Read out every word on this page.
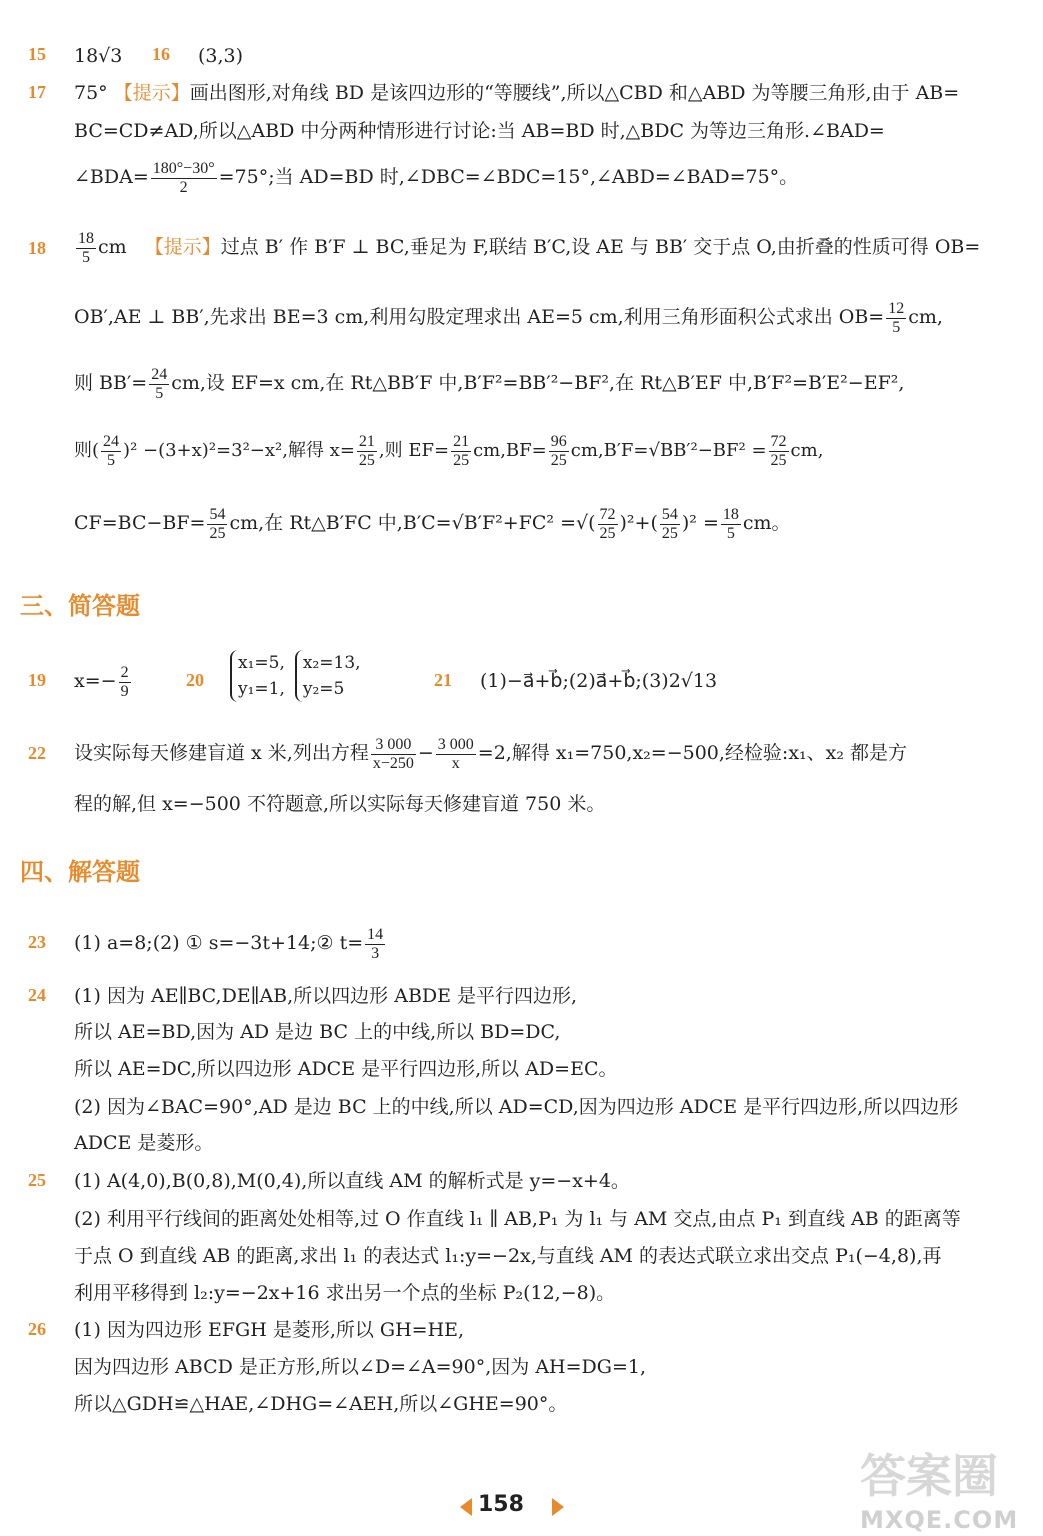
15 18√3 16 (3,3)
17 75° 【提示】画出图形,对角线 BD 是该四边形的“等腰线”,所以△CBD 和△ABD 为等腰三角形,由于 AB=
BC=CD≠AD,所以△ABD 中分两种情形进行讨论:当 AB=BD 时,△BDC 为等边三角形.∠BAD=
∠BDA= $\frac{180^\circ-30^\circ}{2} =75^\circ$;当 AD=BD 时,∠DBC=∠BDC=15°,∠ABD=∠BAD=75°。
$18 \frac{18}{5}$ cm 【提示】过点 B′ 作 B′F ⊥ BC,垂足为 F,联结 B′C,设 AE 与 BB′ 交于点 O,由折叠的性质可得 OB=
OB′,AE ⊥ BB′,先求出 BE=3 cm,利用勾股定理求出 AE=5 cm,利用三角形面积公式求出 $OB= \frac{12}{5}$ cm,
则 $BB'= \frac{24}{5}$ cm,设 EF=x cm,在 Rt△BB′F 中,B′F²=BB′²−BF²,在 Rt△B′EF 中,B′F²=B′E²−EF²,
则( $\frac{24}{5} )^2 -(3+x)^2=3^2-x^2$,解得 $x= \frac{21}{25}$ ,则 $EF= \frac{21}{25} cm,BF= \frac{96}{25} cm,B'F=√BB'^2-BF^2 = \frac{72}{25}$ cm,
$CF=BC-BF= \frac{54}{25}$ cm,在 Rt△B′FC 中,B′C=√B′F²+FC² =√( $\frac{72}{25} )^2+( \frac{54}{25} )^2 = \frac{18}{5}$ cm。
三、简答题
19 $x=- \frac{2}{9}$	20
x₁=5,
y₁=1,
x₂=13,
y₂=5	21 (1)−a⃗+b⃗;(2)a⃗+b⃗;(3)2√13
22 设实际每天修建盲道 x 米,列出方程 $\frac{3 000}{x-250} - \frac{3 000}{x} =2$,解得 x₁=750,x₂=−500,经检验:x₁、x₂ 都是方
程的解,但 x=−500 不符题意,所以实际每天修建盲道 750 米。
四、解答题
23 (1) a=8;(2) ① s=−3t+14;② $t= \frac{14}{3}$
24 (1) 因为 AE∥BC,DE∥AB,所以四边形 ABDE 是平行四边形,
所以 AE=BD,因为 AD 是边 BC 上的中线,所以 BD=DC,
所以 AE=DC,所以四边形 ADCE 是平行四边形,所以 AD=EC。
(2) 因为∠BAC=90°,AD 是边 BC 上的中线,所以 AD=CD,因为四边形 ADCE 是平行四边形,所以四边形
ADCE 是菱形。
25 (1) A(4,0),B(0,8),M(0,4),所以直线 AM 的解析式是 y=−x+4。
(2) 利用平行线间的距离处处相等,过 O 作直线 l₁ ∥ AB,P₁ 为 l₁ 与 AM 交点,由点 P₁ 到直线 AB 的距离等
于点 O 到直线 AB 的距离,求出 l₁ 的表达式 l₁:y=−2x,与直线 AM 的表达式联立求出交点 P₁(−4,8),再
利用平移得到 l₂:y=−2x+16 求出另一个点的坐标 P₂(12,−8)。
26 (1) 因为四边形 EFGH 是菱形,所以 GH=HE,
因为四边形 ABCD 是正方形,所以∠D=∠A=90°,因为 AH=DG=1,
所以△GDH≌△HAE,∠DHG=∠AEH,所以∠GHE=90°。
158
答案圈
MXQE.COM
